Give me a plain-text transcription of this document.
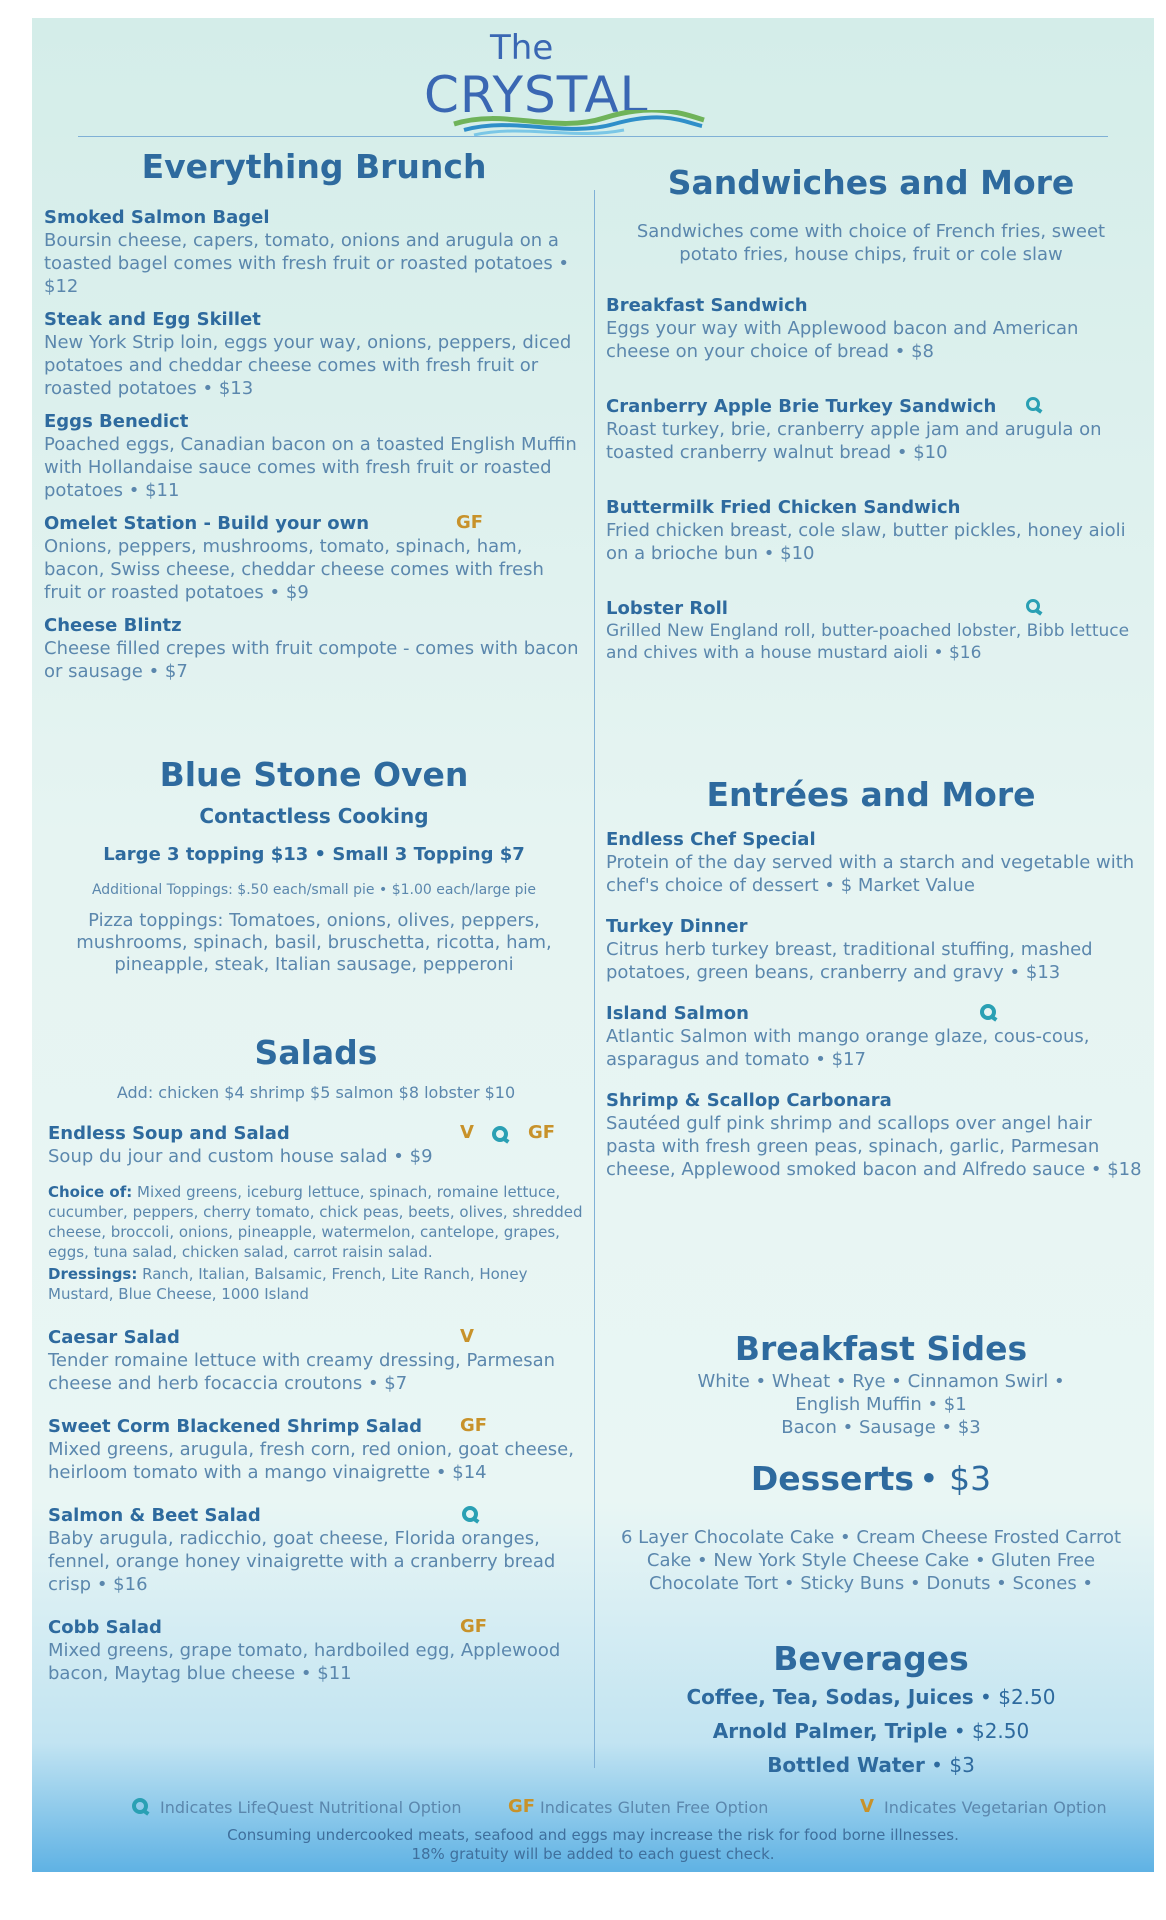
The
CRYSTAL
Everything Brunch
Smoked Salmon Bagel
Boursin cheese, capers, tomato, onions and arugula on a toasted bagel comes with fresh fruit or roasted potatoes • $12
Steak and Egg Skillet
New York Strip loin, eggs your way, onions, peppers, diced potatoes and cheddar cheese comes with fresh fruit or roasted potatoes • $13
Eggs Benedict
Poached eggs, Canadian bacon on a toasted English Muffin with Hollandaise sauce comes with fresh fruit or roasted potatoes • $11
Omelet Station - Build your own	GF
Onions, peppers, mushrooms, tomato, spinach, ham, bacon, Swiss cheese, cheddar cheese comes with fresh fruit or roasted potatoes • $9
Cheese Blintz
Cheese filled crepes with fruit compote - comes with bacon or sausage • $7
Blue Stone Oven
Contactless Cooking
Large 3 topping $13 • Small 3 Topping $7
Additional Toppings: $.50 each/small pie • $1.00 each/large pie
Pizza toppings: Tomatoes, onions, olives, peppers, mushrooms, spinach, basil, bruschetta, ricotta, ham, pineapple, steak, Italian sausage, pepperoni
Salads
Add: chicken $4 shrimp $5 salmon $8 lobster $10
Endless Soup and Salad	V	GF
Soup du jour and custom house salad • $9
Choice of: Mixed greens, iceburg lettuce, spinach, romaine lettuce, cucumber, peppers, cherry tomato, chick peas, beets, olives, shredded cheese, broccoli, onions, pineapple, watermelon, cantelope, grapes, eggs, tuna salad, chicken salad, carrot raisin salad.
Dressings: Ranch, Italian, Balsamic, French, Lite Ranch, Honey Mustard, Blue Cheese, 1000 Island
Caesar Salad	V
Tender romaine lettuce with creamy dressing, Parmesan cheese and herb focaccia croutons • $7
Sweet Corm Blackened Shrimp Salad	GF
Mixed greens, arugula, fresh corn, red onion, goat cheese, heirloom tomato with a mango vinaigrette • $14
Salmon & Beet Salad
Baby arugula, radicchio, goat cheese, Florida oranges, fennel, orange honey vinaigrette with a cranberry bread crisp • $16
Cobb Salad	GF
Mixed greens, grape tomato, hardboiled egg, Applewood bacon, Maytag blue cheese • $11
Sandwiches and More
Sandwiches come with choice of French fries, sweet potato fries, house chips, fruit or cole slaw
Breakfast Sandwich
Eggs your way with Applewood bacon and American cheese on your choice of bread • $8
Cranberry Apple Brie Turkey Sandwich
Roast turkey, brie, cranberry apple jam and arugula on toasted cranberry walnut bread • $10
Buttermilk Fried Chicken Sandwich
Fried chicken breast, cole slaw, butter pickles, honey aioli on a brioche bun • $10
Lobster Roll
Grilled New England roll, butter-poached lobster, Bibb lettuce and chives with a house mustard aioli • $16
Entrées and More
Endless Chef Special
Protein of the day served with a starch and vegetable with chef's choice of dessert • $ Market Value
Turkey Dinner
Citrus herb turkey breast, traditional stuffing, mashed potatoes, green beans, cranberry and gravy • $13
Island Salmon
Atlantic Salmon with mango orange glaze, cous-cous, asparagus and tomato • $17
Shrimp & Scallop Carbonara
Sautéed gulf pink shrimp and scallops over angel hair pasta with fresh green peas, spinach, garlic, Parmesan cheese, Applewood smoked bacon and Alfredo sauce • $18
Breakfast Sides
White • Wheat • Rye • Cinnamon Swirl •
English Muffin • $1
Bacon • Sausage • $3
Desserts • $3
6 Layer Chocolate Cake • Cream Cheese Frosted Carrot Cake • New York Style Cheese Cake • Gluten Free Chocolate Tort • Sticky Buns • Donuts • Scones •
Beverages
Coffee, Tea, Sodas, Juices • $2.50
Arnold Palmer, Triple • $2.50
Bottled Water • $3
Indicates LifeQuest Nutritional Option	GF Indicates Gluten Free Option	V Indicates Vegetarian Option
Consuming undercooked meats, seafood and eggs may increase the risk for food borne illnesses.
18% gratuity will be added to each guest check.
